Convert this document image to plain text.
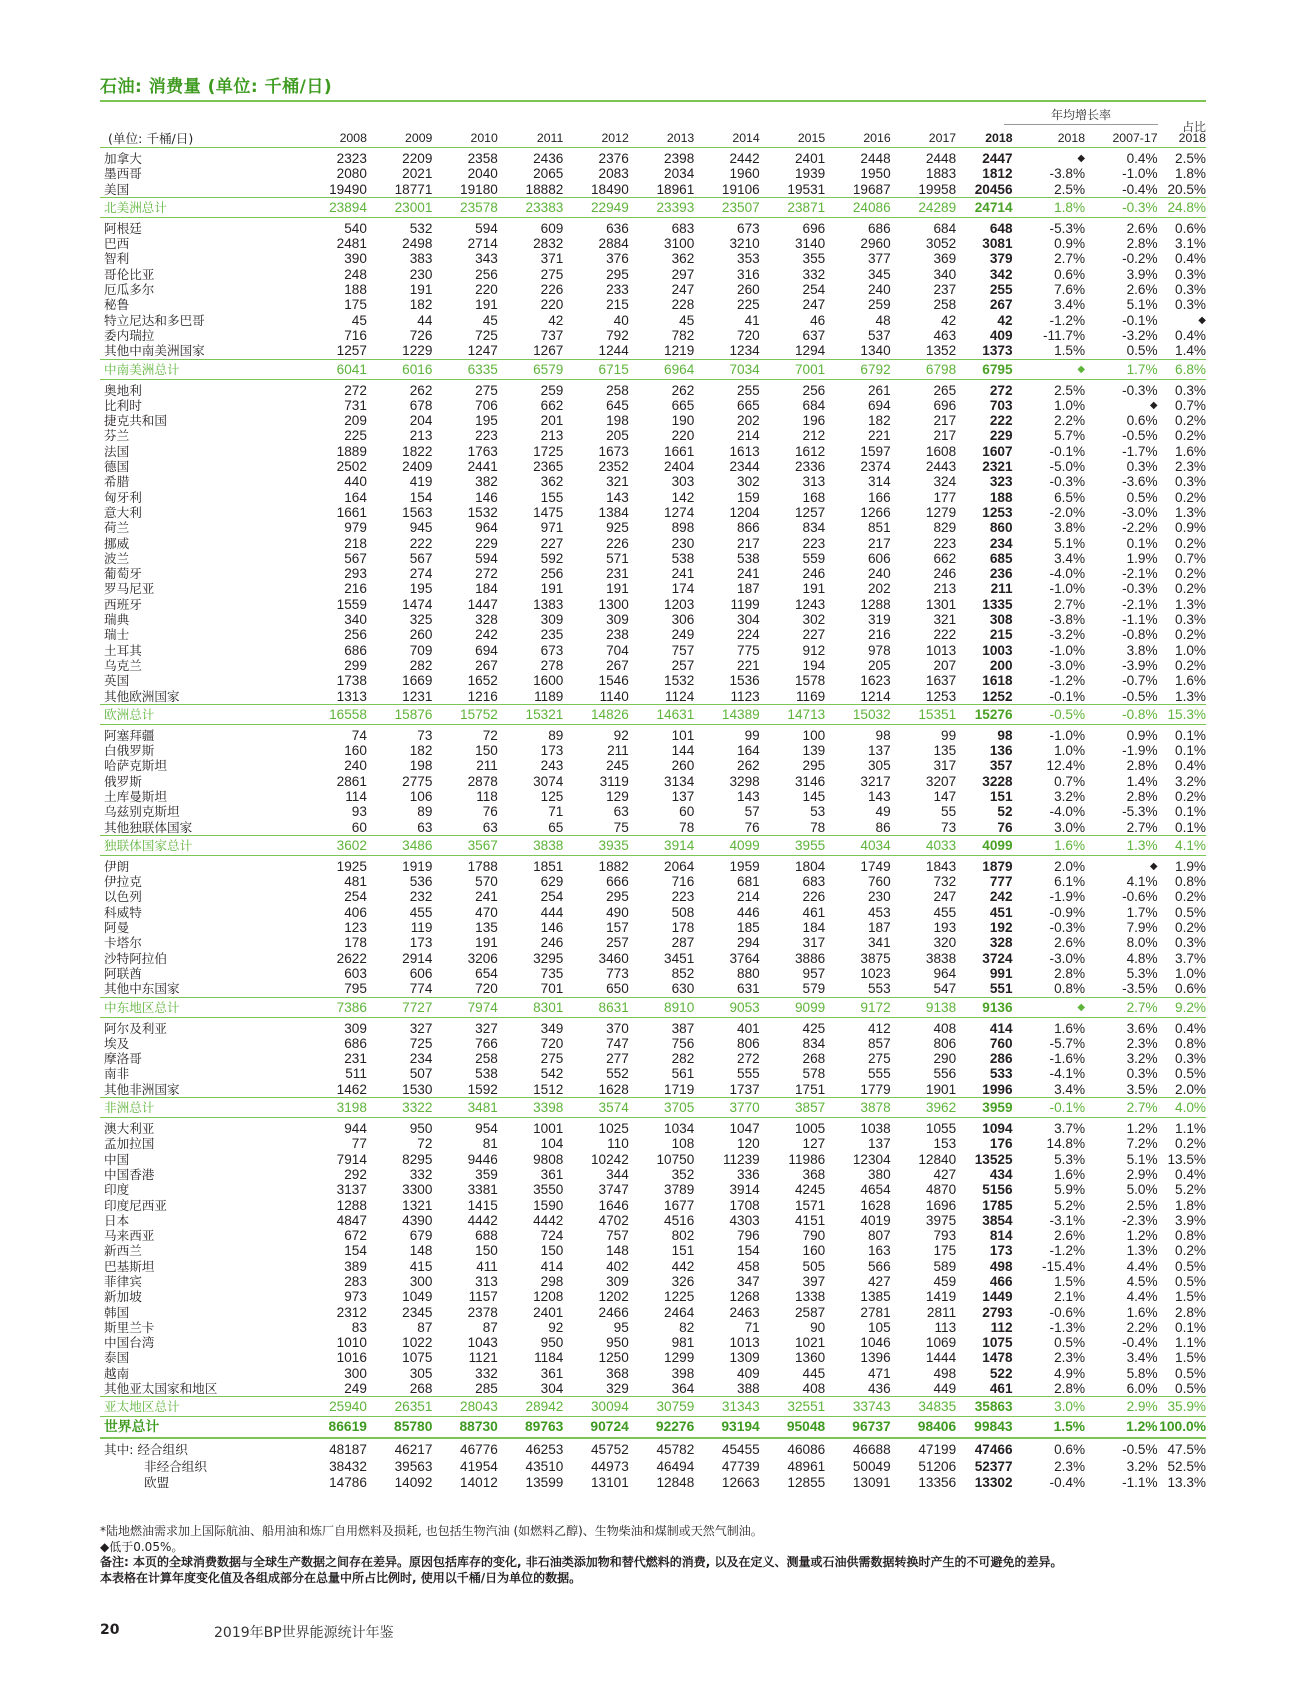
石油: 消费量 (单位: 千桶/日)
年均增长率
占比
(单位: 千桶/日)	2008	2009	2010	2011	2012	2013	2014	2015	2016	2017	2018	2018	2007-17	2018
加拿大	2323	2209	2358	2436	2376	2398	2442	2401	2448	2448	2447	◆	0.4%	2.5%
墨西哥	2080	2021	2040	2065	2083	2034	1960	1939	1950	1883	1812	-3.8%	-1.0%	1.8%
美国	19490	18771	19180	18882	18490	18961	19106	19531	19687	19958	20456	2.5%	-0.4%	20.5%
北美洲总计	23894	23001	23578	23383	22949	23393	23507	23871	24086	24289	24714	1.8%	-0.3%	24.8%
阿根廷	540	532	594	609	636	683	673	696	686	684	648	-5.3%	2.6%	0.6%
巴西	2481	2498	2714	2832	2884	3100	3210	3140	2960	3052	3081	0.9%	2.8%	3.1%
智利	390	383	343	371	376	362	353	355	377	369	379	2.7%	-0.2%	0.4%
哥伦比亚	248	230	256	275	295	297	316	332	345	340	342	0.6%	3.9%	0.3%
厄瓜多尔	188	191	220	226	233	247	260	254	240	237	255	7.6%	2.6%	0.3%
秘鲁	175	182	191	220	215	228	225	247	259	258	267	3.4%	5.1%	0.3%
特立尼达和多巴哥	45	44	45	42	40	45	41	46	48	42	42	-1.2%	-0.1%	◆
委内瑞拉	716	726	725	737	792	782	720	637	537	463	409	-11.7%	-3.2%	0.4%
其他中南美洲国家	1257	1229	1247	1267	1244	1219	1234	1294	1340	1352	1373	1.5%	0.5%	1.4%
中南美洲总计	6041	6016	6335	6579	6715	6964	7034	7001	6792	6798	6795	◆	1.7%	6.8%
奥地利	272	262	275	259	258	262	255	256	261	265	272	2.5%	-0.3%	0.3%
比利时	731	678	706	662	645	665	665	684	694	696	703	1.0%	◆	0.7%
捷克共和国	209	204	195	201	198	190	202	196	182	217	222	2.2%	0.6%	0.2%
芬兰	225	213	223	213	205	220	214	212	221	217	229	5.7%	-0.5%	0.2%
法国	1889	1822	1763	1725	1673	1661	1613	1612	1597	1608	1607	-0.1%	-1.7%	1.6%
德国	2502	2409	2441	2365	2352	2404	2344	2336	2374	2443	2321	-5.0%	0.3%	2.3%
希腊	440	419	382	362	321	303	302	313	314	324	323	-0.3%	-3.6%	0.3%
匈牙利	164	154	146	155	143	142	159	168	166	177	188	6.5%	0.5%	0.2%
意大利	1661	1563	1532	1475	1384	1274	1204	1257	1266	1279	1253	-2.0%	-3.0%	1.3%
荷兰	979	945	964	971	925	898	866	834	851	829	860	3.8%	-2.2%	0.9%
挪威	218	222	229	227	226	230	217	223	217	223	234	5.1%	0.1%	0.2%
波兰	567	567	594	592	571	538	538	559	606	662	685	3.4%	1.9%	0.7%
葡萄牙	293	274	272	256	231	241	241	246	240	246	236	-4.0%	-2.1%	0.2%
罗马尼亚	216	195	184	191	191	174	187	191	202	213	211	-1.0%	-0.3%	0.2%
西班牙	1559	1474	1447	1383	1300	1203	1199	1243	1288	1301	1335	2.7%	-2.1%	1.3%
瑞典	340	325	328	309	309	306	304	302	319	321	308	-3.8%	-1.1%	0.3%
瑞士	256	260	242	235	238	249	224	227	216	222	215	-3.2%	-0.8%	0.2%
土耳其	686	709	694	673	704	757	775	912	978	1013	1003	-1.0%	3.8%	1.0%
乌克兰	299	282	267	278	267	257	221	194	205	207	200	-3.0%	-3.9%	0.2%
英国	1738	1669	1652	1600	1546	1532	1536	1578	1623	1637	1618	-1.2%	-0.7%	1.6%
其他欧洲国家	1313	1231	1216	1189	1140	1124	1123	1169	1214	1253	1252	-0.1%	-0.5%	1.3%
欧洲总计	16558	15876	15752	15321	14826	14631	14389	14713	15032	15351	15276	-0.5%	-0.8%	15.3%
阿塞拜疆	74	73	72	89	92	101	99	100	98	99	98	-1.0%	0.9%	0.1%
白俄罗斯	160	182	150	173	211	144	164	139	137	135	136	1.0%	-1.9%	0.1%
哈萨克斯坦	240	198	211	243	245	260	262	295	305	317	357	12.4%	2.8%	0.4%
俄罗斯	2861	2775	2878	3074	3119	3134	3298	3146	3217	3207	3228	0.7%	1.4%	3.2%
土库曼斯坦	114	106	118	125	129	137	143	145	143	147	151	3.2%	2.8%	0.2%
乌兹别克斯坦	93	89	76	71	63	60	57	53	49	55	52	-4.0%	-5.3%	0.1%
其他独联体国家	60	63	63	65	75	78	76	78	86	73	76	3.0%	2.7%	0.1%
独联体国家总计	3602	3486	3567	3838	3935	3914	4099	3955	4034	4033	4099	1.6%	1.3%	4.1%
伊朗	1925	1919	1788	1851	1882	2064	1959	1804	1749	1843	1879	2.0%	◆	1.9%
伊拉克	481	536	570	629	666	716	681	683	760	732	777	6.1%	4.1%	0.8%
以色列	254	232	241	254	295	223	214	226	230	247	242	-1.9%	-0.6%	0.2%
科威特	406	455	470	444	490	508	446	461	453	455	451	-0.9%	1.7%	0.5%
阿曼	123	119	135	146	157	178	185	184	187	193	192	-0.3%	7.9%	0.2%
卡塔尔	178	173	191	246	257	287	294	317	341	320	328	2.6%	8.0%	0.3%
沙特阿拉伯	2622	2914	3206	3295	3460	3451	3764	3886	3875	3838	3724	-3.0%	4.8%	3.7%
阿联酋	603	606	654	735	773	852	880	957	1023	964	991	2.8%	5.3%	1.0%
其他中东国家	795	774	720	701	650	630	631	579	553	547	551	0.8%	-3.5%	0.6%
中东地区总计	7386	7727	7974	8301	8631	8910	9053	9099	9172	9138	9136	◆	2.7%	9.2%
阿尔及利亚	309	327	327	349	370	387	401	425	412	408	414	1.6%	3.6%	0.4%
埃及	686	725	766	720	747	756	806	834	857	806	760	-5.7%	2.3%	0.8%
摩洛哥	231	234	258	275	277	282	272	268	275	290	286	-1.6%	3.2%	0.3%
南非	511	507	538	542	552	561	555	578	555	556	533	-4.1%	0.3%	0.5%
其他非洲国家	1462	1530	1592	1512	1628	1719	1737	1751	1779	1901	1996	3.4%	3.5%	2.0%
非洲总计	3198	3322	3481	3398	3574	3705	3770	3857	3878	3962	3959	-0.1%	2.7%	4.0%
澳大利亚	944	950	954	1001	1025	1034	1047	1005	1038	1055	1094	3.7%	1.2%	1.1%
孟加拉国	77	72	81	104	110	108	120	127	137	153	176	14.8%	7.2%	0.2%
中国	7914	8295	9446	9808	10242	10750	11239	11986	12304	12840	13525	5.3%	5.1%	13.5%
中国香港	292	332	359	361	344	352	336	368	380	427	434	1.6%	2.9%	0.4%
印度	3137	3300	3381	3550	3747	3789	3914	4245	4654	4870	5156	5.9%	5.0%	5.2%
印度尼西亚	1288	1321	1415	1590	1646	1677	1708	1571	1628	1696	1785	5.2%	2.5%	1.8%
日本	4847	4390	4442	4442	4702	4516	4303	4151	4019	3975	3854	-3.1%	-2.3%	3.9%
马来西亚	672	679	688	724	757	802	796	790	807	793	814	2.6%	1.2%	0.8%
新西兰	154	148	150	150	148	151	154	160	163	175	173	-1.2%	1.3%	0.2%
巴基斯坦	389	415	411	414	402	442	458	505	566	589	498	-15.4%	4.4%	0.5%
菲律宾	283	300	313	298	309	326	347	397	427	459	466	1.5%	4.5%	0.5%
新加坡	973	1049	1157	1208	1202	1225	1268	1338	1385	1419	1449	2.1%	4.4%	1.5%
韩国	2312	2345	2378	2401	2466	2464	2463	2587	2781	2811	2793	-0.6%	1.6%	2.8%
斯里兰卡	83	87	87	92	95	82	71	90	105	113	112	-1.3%	2.2%	0.1%
中国台湾	1010	1022	1043	950	950	981	1013	1021	1046	1069	1075	0.5%	-0.4%	1.1%
泰国	1016	1075	1121	1184	1250	1299	1309	1360	1396	1444	1478	2.3%	3.4%	1.5%
越南	300	305	332	361	368	398	409	445	471	498	522	4.9%	5.8%	0.5%
其他亚太国家和地区	249	268	285	304	329	364	388	408	436	449	461	2.8%	6.0%	0.5%
亚太地区总计	25940	26351	28043	28942	30094	30759	31343	32551	33743	34835	35863	3.0%	2.9%	35.9%
世界总计	86619	85780	88730	89763	90724	92276	93194	95048	96737	98406	99843	1.5%	1.2%	100.0%
其中: 经合组织	48187	46217	46776	46253	45752	45782	45455	46086	46688	47199	47466	0.6%	-0.5%	47.5%
非经合组织	38432	39563	41954	43510	44973	46494	47739	48961	50049	51206	52377	2.3%	3.2%	52.5%
欧盟	14786	14092	14012	13599	13101	12848	12663	12855	13091	13356	13302	-0.4%	-1.1%	13.3%
*陆地燃油需求加上国际航油、船用油和炼厂自用燃料及损耗, 也包括生物汽油 (如燃料乙醇)、生物柴油和煤制或天然气制油。
◆低于0.05%。
备注: 本页的全球消费数据与全球生产数据之间存在差异。原因包括库存的变化, 非石油类添加物和替代燃料的消费, 以及在定义、测量或石油供需数据转换时产生的不可避免的差异。
本表格在计算年度变化值及各组成部分在总量中所占比例时, 使用以千桶/日为单位的数据。
20	2019年BP世界能源统计年鉴
